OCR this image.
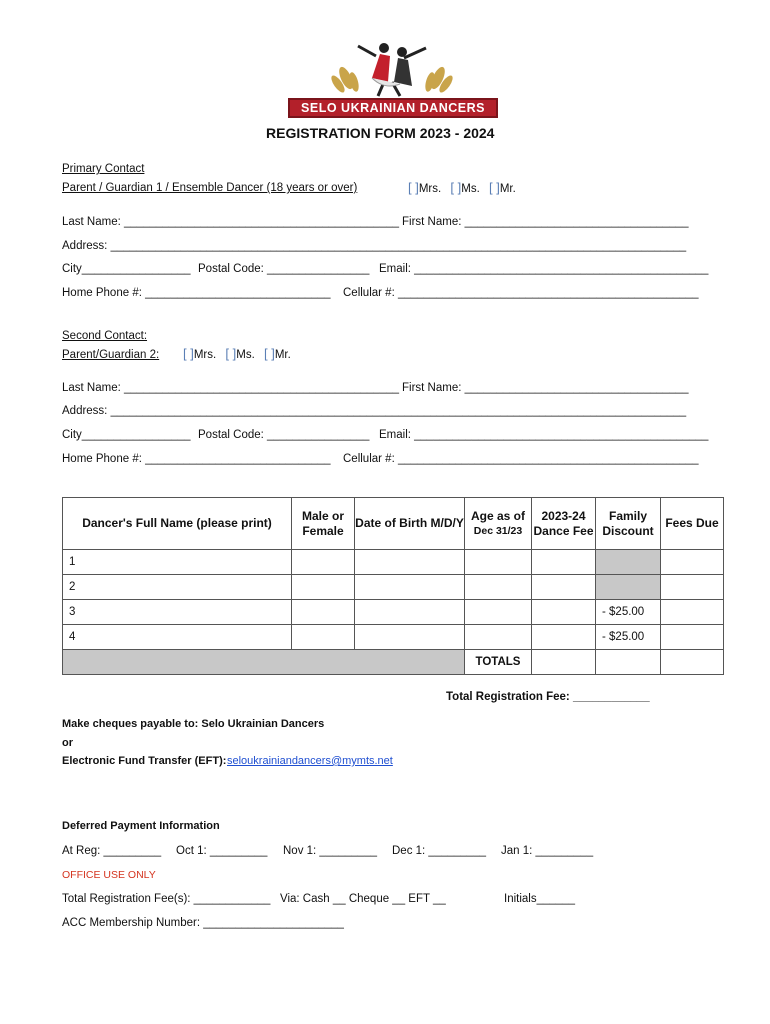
SELO UKRAINIAN DANCERS
REGISTRATION FORM 2023 - 2024
Primary Contact
Parent / Guardian 1 / Ensemble Dancer (18 years or over)	[ ]Mrs. [ ]Ms. [ ]Mr.
Last Name: ___________________________________________ First Name: ___________________________________
Address: __________________________________________________________________________________________
City_________________ Postal Code: ________________ Email: ______________________________________________
Home Phone #: _____________________________ Cellular #: _______________________________________________
Second Contact:
Parent/Guardian 2: [ ]Mrs. [ ]Ms. [ ]Mr.
Last Name: ___________________________________________ First Name: ___________________________________
Address: __________________________________________________________________________________________
City_________________ Postal Code: ________________ Email: ______________________________________________
Home Phone #: _____________________________ Cellular #: _______________________________________________
Dancer's Full Name (please print)	Male or Female	Date of Birth M/D/Y	Age as of
Dec 31/23	2023-24 Dance Fee	Family Discount	Fees Due
1						
2						
3					- $25.00	
4					- $25.00	
			TOTALS			
Total Registration Fee: ____________
Make cheques payable to: Selo Ukrainian Dancers
or
Electronic Fund Transfer (EFT): seloukrainiandancers@mymts.net
Deferred Payment Information
At Reg: _________ Oct 1: _________ Nov 1: _________ Dec 1: _________ Jan 1: _________
OFFICE USE ONLY
Total Registration Fee(s): ____________ Via: Cash __ Cheque __ EFT __	Initials______
ACC Membership Number: ______________________
